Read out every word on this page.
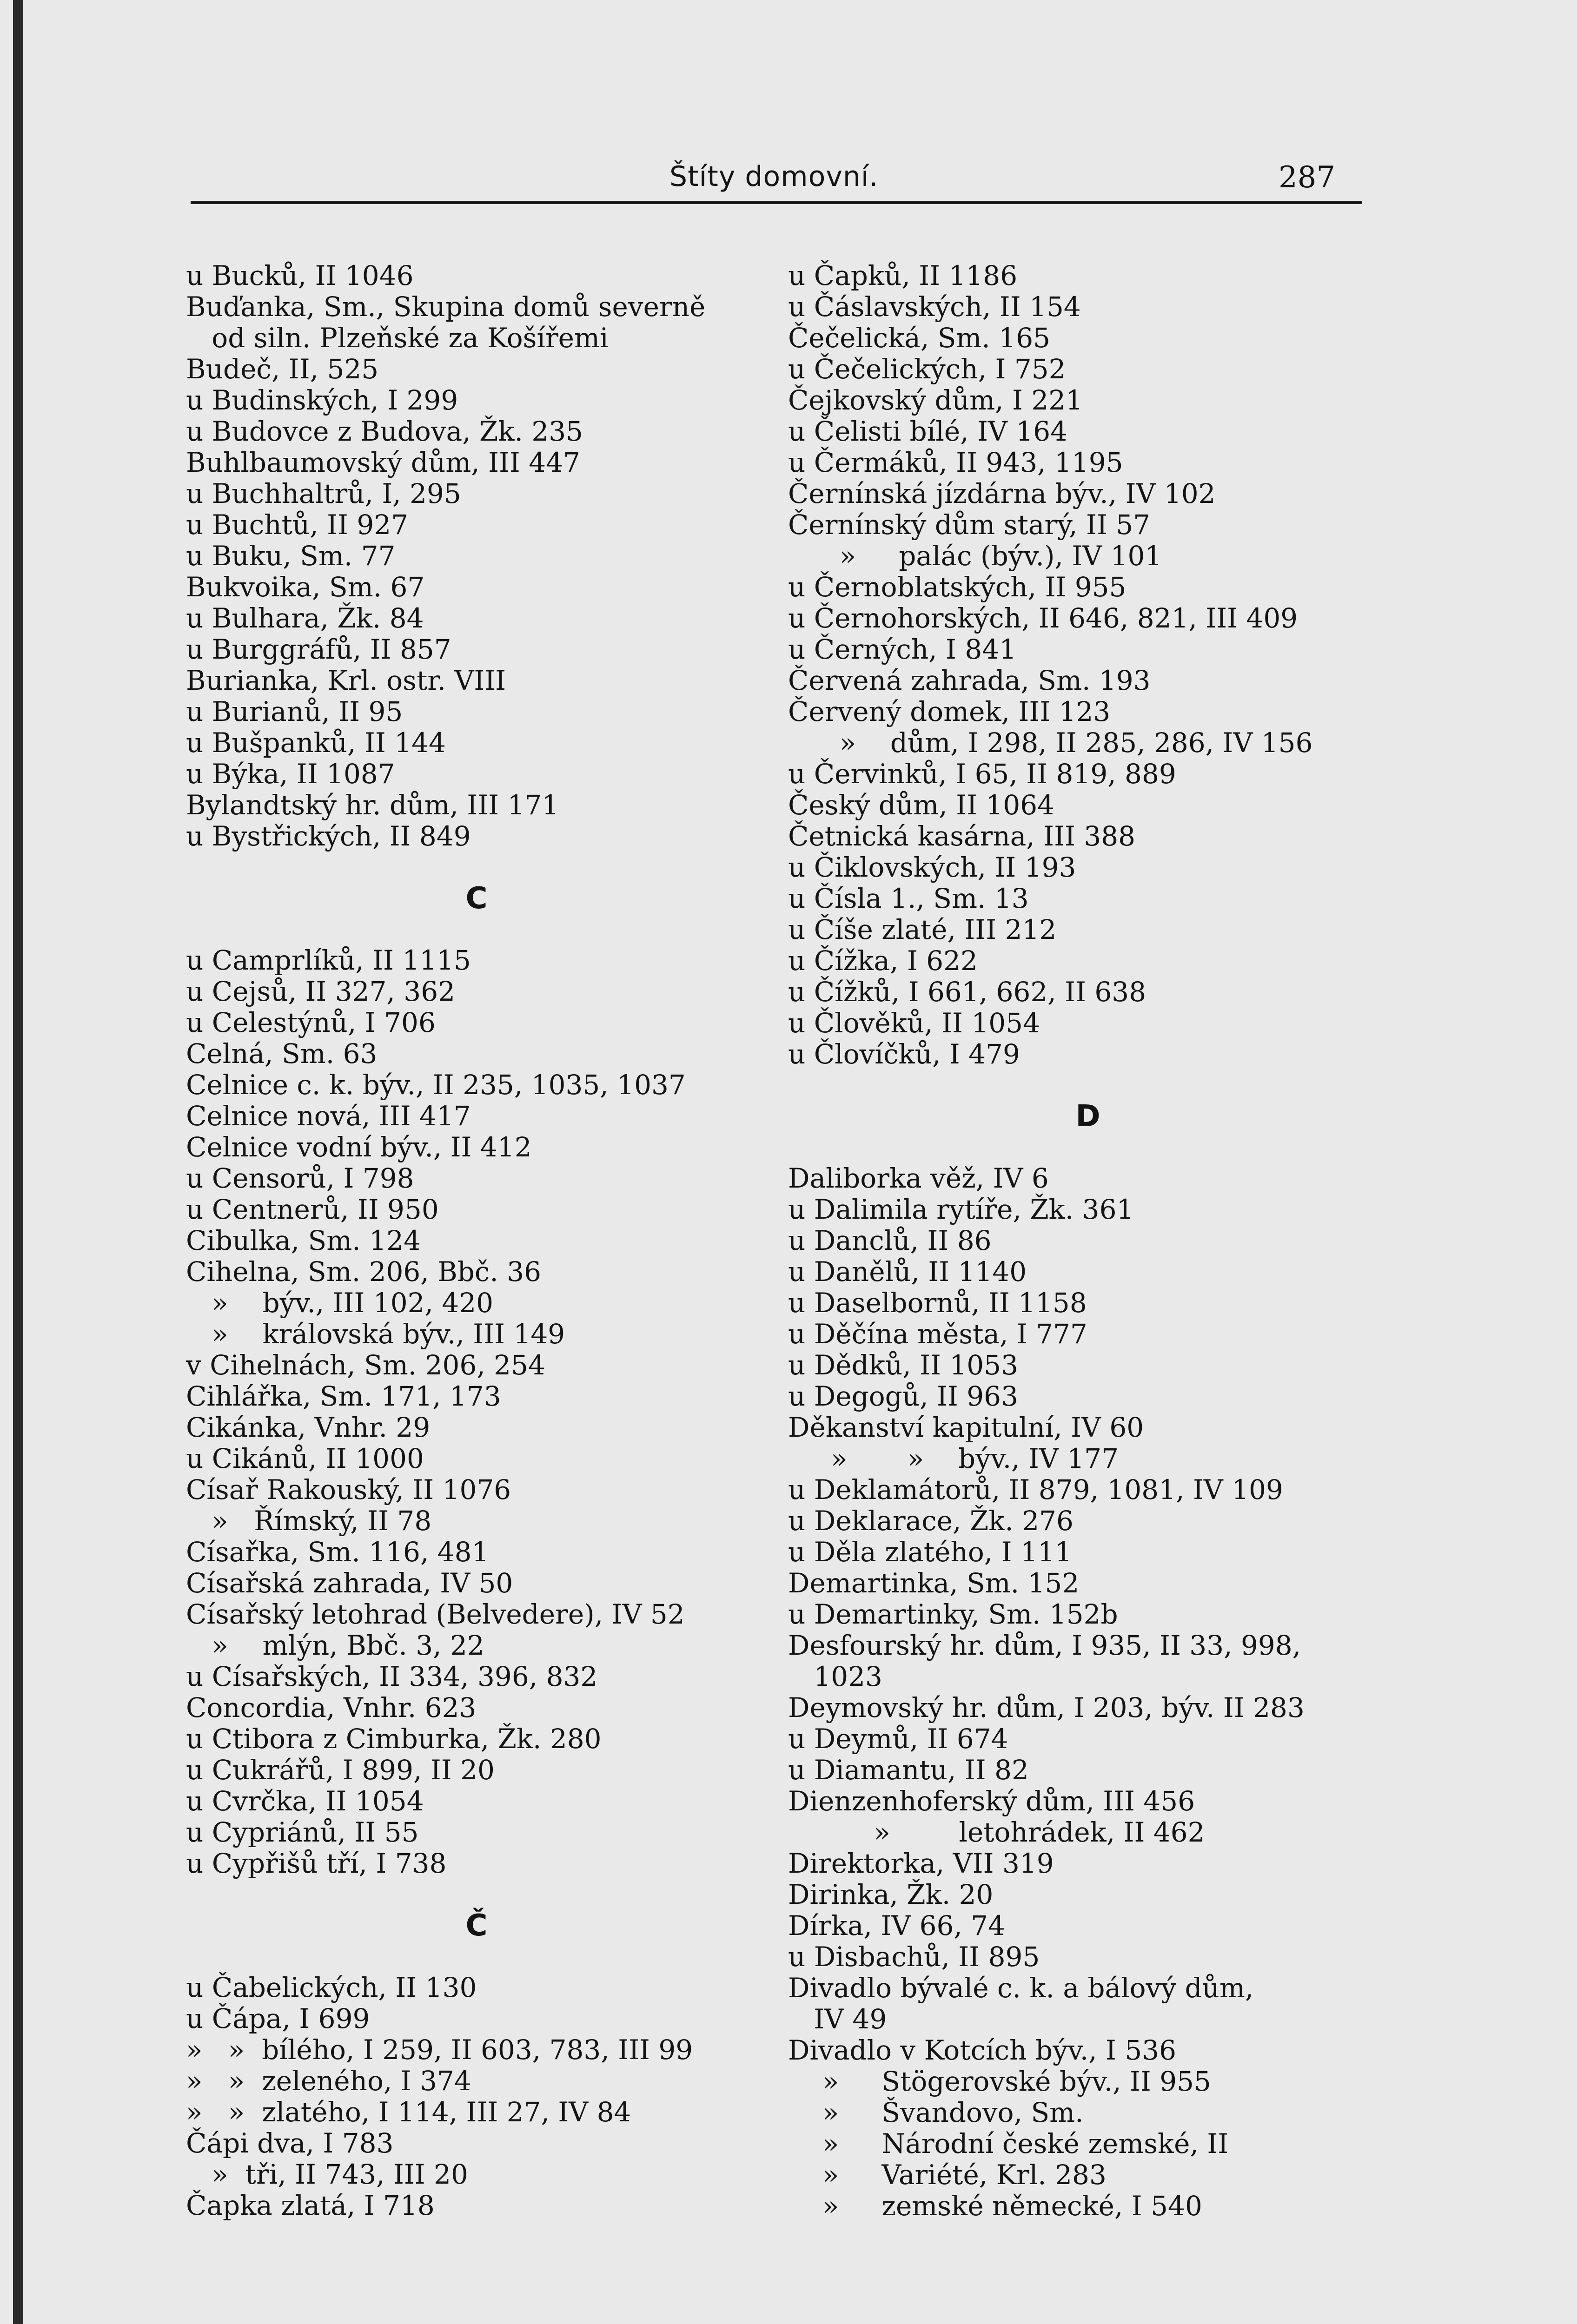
Štíty domovní.	287
u Bucků, II 1046
Buďanka, Sm., Skupina domů severně
od siln. Plzeňské za Košířemi
Budeč, II, 525
u Budinských, I 299
u Budovce z Budova, Žk. 235
Buhlbaumovský dům, III 447
u Buchhaltrů, I, 295
u Buchtů, II 927
u Buku, Sm. 77
Bukvoika, Sm. 67
u Bulhara, Žk. 84
u Burggráfů, II 857
Burianka, Krl. ostr. VIII
u Burianů, II 95
u Bušpanků, II 144
u Býka, II 1087
Bylandtský hr. dům, III 171
u Bystřických, II 849
C
u Camprlíků, II 1115
u Cejsů, II 327, 362
u Celestýnů, I 706
Celná, Sm. 63
Celnice c. k. býv., II 235, 1035, 1037
Celnice nová, III 417
Celnice vodní býv., II 412
u Censorů, I 798
u Centnerů, II 950
Cibulka, Sm. 124
Cihelna, Sm. 206, Bbč. 36
»    býv., III 102, 420
»    královská býv., III 149
v Cihelnách, Sm. 206, 254
Cihlářka, Sm. 171, 173
Cikánka, Vnhr. 29
u Cikánů, II 1000
Císař Rakouský, II 1076
»   Římský, II 78
Císařka, Sm. 116, 481
Císařská zahrada, IV 50
Císařský letohrad (Belvedere), IV 52
»    mlýn, Bbč. 3, 22
u Císařských, II 334, 396, 832
Concordia, Vnhr. 623
u Ctibora z Cimburka, Žk. 280
u Cukrářů, I 899, II 20
u Cvrčka, II 1054
u Cypriánů, II 55
u Cypřišů tří, I 738
Č
u Čabelických, II 130
u Čápa, I 699
»   »  bílého, I 259, II 603, 783, III 99
»   »  zeleného, I 374
»   »  zlatého, I 114, III 27, IV 84
Čápi dva, I 783
»  tři, II 743, III 20
Čapka zlatá, I 718
u Čapků, II 1186
u Čáslavských, II 154
Čečelická, Sm. 165
u Čečelických, I 752
Čejkovský dům, I 221
u Čelisti bílé, IV 164
u Čermáků, II 943, 1195
Černínská jízdárna býv., IV 102
Černínský dům starý, II 57
»     palác (býv.), IV 101
u Černoblatských, II 955
u Černohorských, II 646, 821, III 409
u Černých, I 841
Červená zahrada, Sm. 193
Červený domek, III 123
»    dům, I 298, II 285, 286, IV 156
u Červinků, I 65, II 819, 889
Český dům, II 1064
Četnická kasárna, III 388
u Čiklovských, II 193
u Čísla 1., Sm. 13
u Číše zlaté, III 212
u Čížka, I 622
u Čížků, I 661, 662, II 638
u Člověků, II 1054
u Človíčků, I 479
D
Daliborka věž, IV 6
u Dalimila rytíře, Žk. 361
u Danclů, II 86
u Danělů, II 1140
u Daselbornů, II 1158
u Děčína města, I 777
u Dědků, II 1053
u Degogů, II 963
Děkanství kapitulní, IV 60
»       »    býv., IV 177
u Deklamátorů, II 879, 1081, IV 109
u Deklarace, Žk. 276
u Děla zlatého, I 111
Demartinka, Sm. 152
u Demartinky, Sm. 152b
Desfourský hr. dům, I 935, II 33, 998,
1023
Deymovský hr. dům, I 203, býv. II 283
u Deymů, II 674
u Diamantu, II 82
Dienzenhoferský dům, III 456
»        letohrádek, II 462
Direktorka, VII 319
Dirinka, Žk. 20
Dírka, IV 66, 74
u Disbachů, II 895
Divadlo bývalé c. k. a bálový dům,
IV 49
Divadlo v Kotcích býv., I 536
»     Stögerovské býv., II 955
»     Švandovo, Sm.
»     Národní české zemské, II
»     Variété, Krl. 283
»     zemské německé, I 540
